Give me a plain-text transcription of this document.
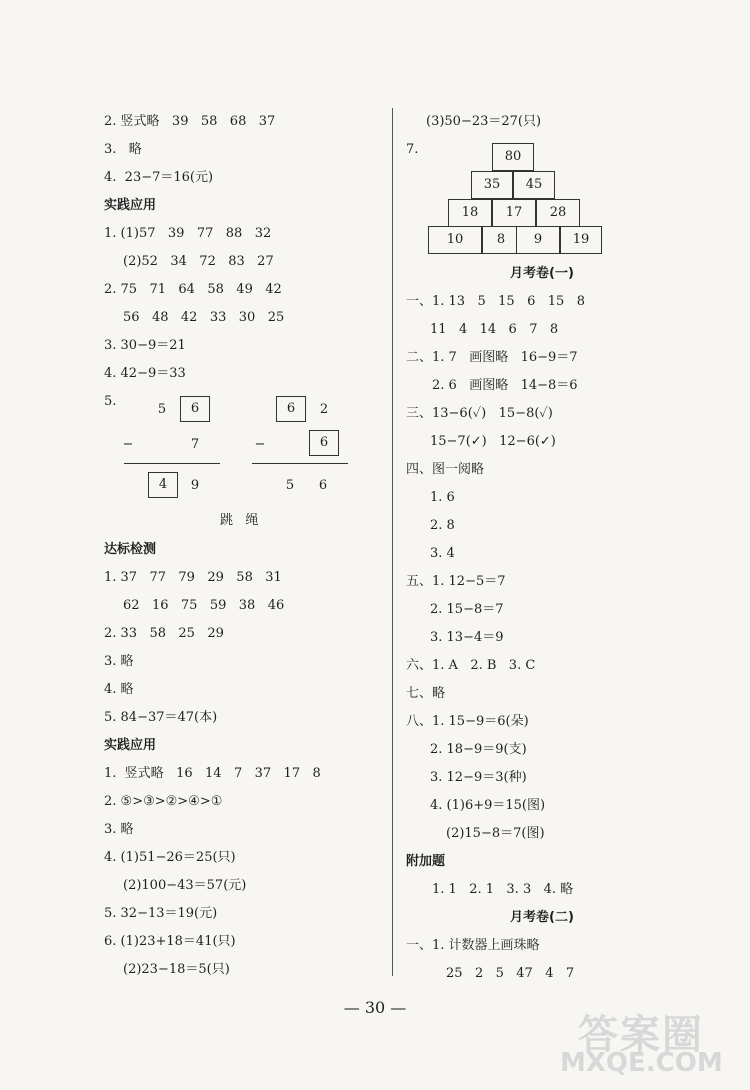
2. 竖式略   39   58   68   37
3.   略
4.  23−7＝16(元)
实践应用
1. (1)57   39   77   88   32
(2)52   34   72   83   27
2. 75   71   64   58   49   42
56   48   42   33   30   25
3. 30−9＝21
4. 42−9＝33
5.
跳   绳
达标检测
1. 37   77   79   29   58   31
62   16   75   59   38   46
2. 33   58   25   29
3. 略
4. 略
5. 84−37＝47(本)
实践应用
1.  竖式略   16   14   7   37   17   8
2. ⑤>③>②>④>①
3. 略
4. (1)51−26＝25(只)
(2)100−43＝57(元)
5. 32−13＝19(元)
6. (1)23+18＝41(只)
(2)23−18＝5(只)
(3)50−23＝27(只)
7.
月考卷(一)
一、1. 13   5   15   6   15   8
11   4   14   6   7   8
二、1. 7   画图略   16−9＝7
2. 6   画图略   14−8＝6
三、13−6(✓)   15−8(✓)
15−7(✓)   12−6(✓)
四、图一阅略
1. 6
2. 8
3. 4
五、1. 12−5＝7
2. 15−8＝7
3. 13−4＝9
六、1. A   2. B   3. C
七、略
八、1. 15−9＝6(朵)
2. 18−9＝9(支)
3. 12−9＝3(种)
4. (1)6+9＝15(图)
(2)15−8＝7(图)
附加题
1. 1   2. 1   3. 3   4. 略
月考卷(二)
一、1. 计数器上画珠略
25   2   5   47   4   7
5	6
−	7
4	9
6	2
−	6
5	6
80
35	45
18	17	28
10	8	9	19
— 30 —
答案圈
MXQE.COM
